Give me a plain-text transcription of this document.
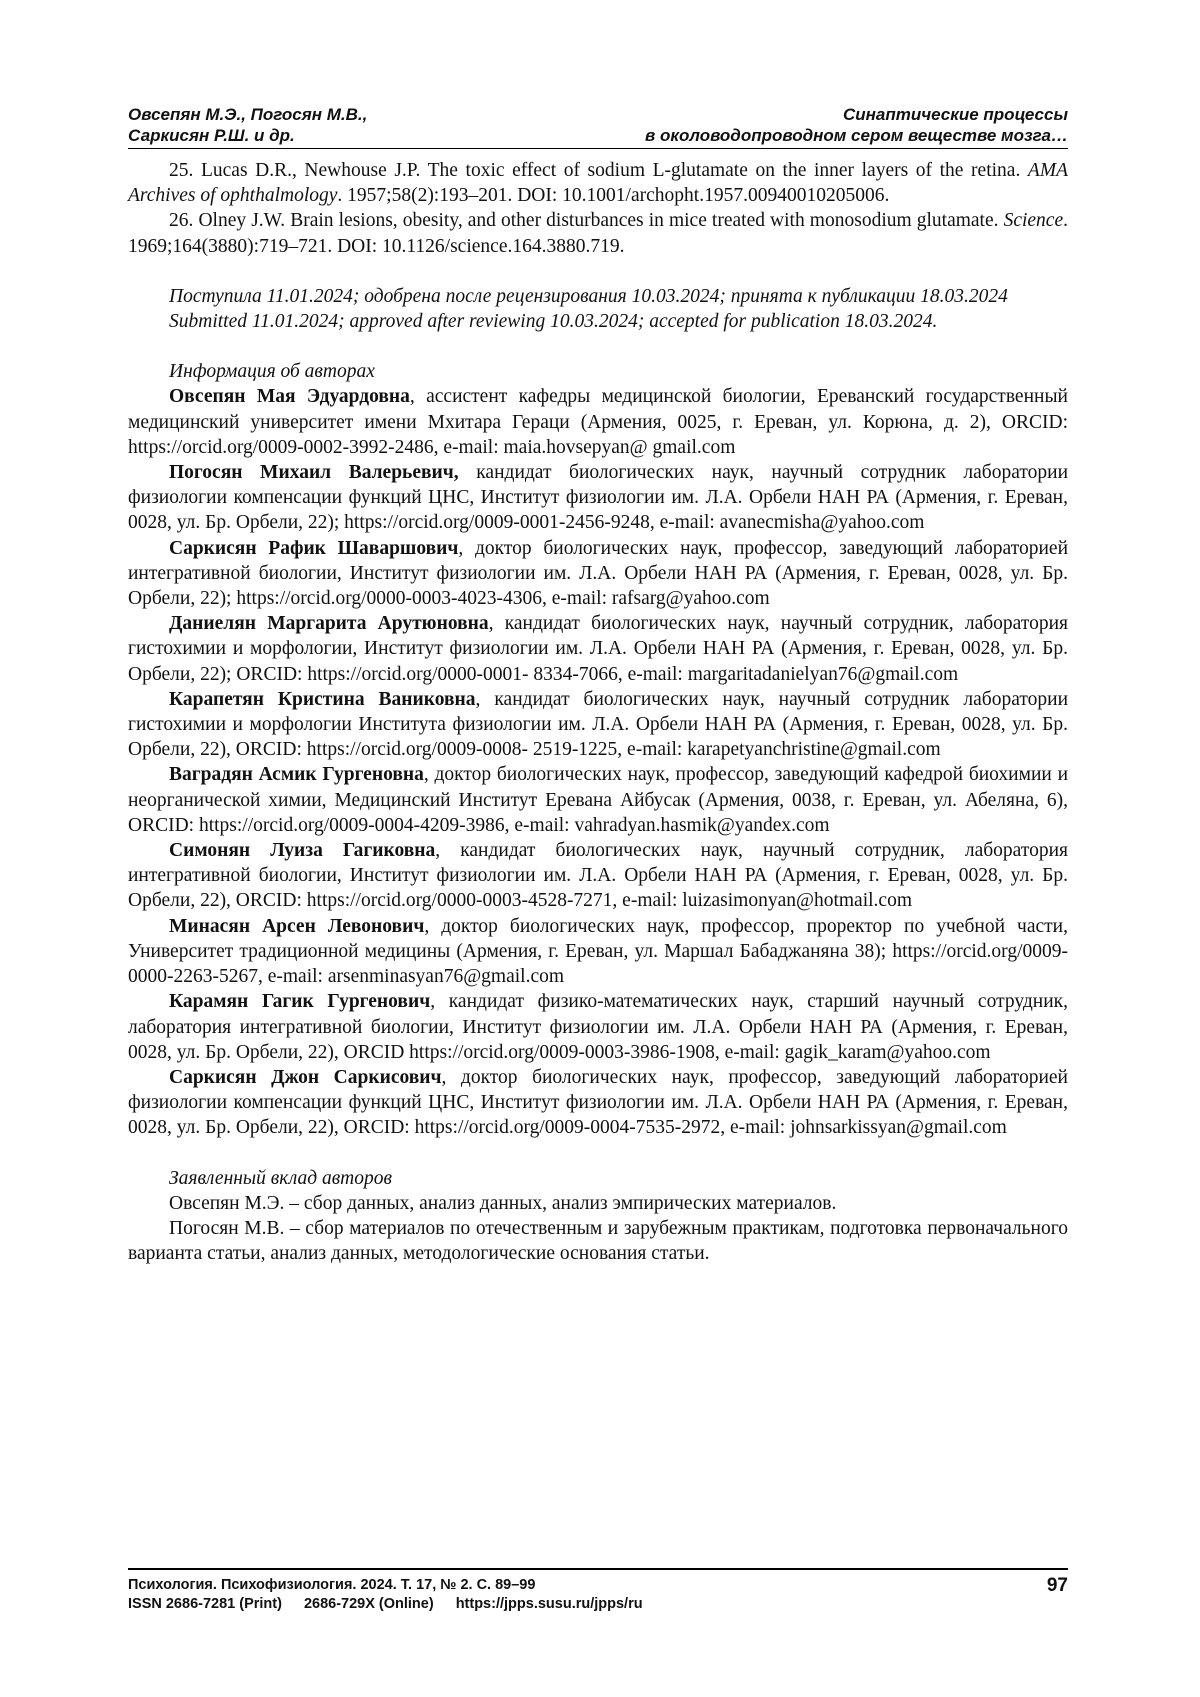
Овсепян М.Э., Погосян М.В.,
Саркисян Р.Ш. и др.
Синаптические процессы
в околоводопроводном сером веществе мозга…

25. Lucas D.R., Newhouse J.P. The toxic effect of sodium L-glutamate on the inner layers of the retina. AMA Archives of ophthalmology. 1957;58(2):193–201. DOI: 10.1001/archopht.1957.00940010205006.

26. Olney J.W. Brain lesions, obesity, and other disturbances in mice treated with monosodium glutamate. Science. 1969;164(3880):719–721. DOI: 10.1126/science.164.3880.719.

Поступила 11.01.2024; одобрена после рецензирования 10.03.2024; принята к публикации 18.03.2024

Submitted 11.01.2024; approved after reviewing 10.03.2024; accepted for publication 18.03.2024.

Информация об авторах

Овсепян Мая Эдуардовна, ассистент кафедры медицинской биологии, Ереванский государственный медицинский университет имени Мхитара Гераци (Армения, 0025, г. Ереван, ул. Корюна, д. 2), ORCID: https://orcid.org/0009-0002-3992-2486, e-mail: maia.hovsepyan@ gmail.com

Погосян Михаил Валерьевич, кандидат биологических наук, научный сотрудник лаборатории физиологии компенсации функций ЦНС, Институт физиологии им. Л.А. Орбели НАН РА (Армения, г. Ереван, 0028, ул. Бр. Орбели, 22); https://orcid.org/0009-0001-2456-9248, e-mail: avanecmisha@yahoo.com

Саркисян Рафик Шаваршович, доктор биологических наук, профессор, заведующий лабораторией интегративной биологии, Институт физиологии им. Л.А. Орбели НАН РА (Армения, г. Ереван, 0028, ул. Бр. Орбели, 22); https://orcid.org/0000-0003-4023-4306, e-mail: rafsarg@yahoo.com

Даниелян Маргарита Арутюновна, кандидат биологических наук, научный сотрудник, лаборатория гистохимии и морфологии, Институт физиологии им. Л.А. Орбели НАН РА (Армения, г. Ереван, 0028, ул. Бр. Орбели, 22); ORCID: https://orcid.org/0000-0001- 8334-7066, e-mail: margaritadanielyan76@gmail.com

Карапетян Кристина Ваниковна, кандидат биологических наук, научный сотрудник лаборатории гистохимии и морфологии Института физиологии им. Л.А. Орбели НАН РА (Армения, г. Ереван, 0028, ул. Бр. Орбели, 22), ORCID: https://orcid.org/0009-0008- 2519-1225, e-mail: karapetyanchristine@gmail.com

Ваградян Асмик Гургеновна, доктор биологических наук, профессор, заведующий кафедрой биохимии и неорганической химии, Медицинский Институт Еревана Айбусак (Армения, 0038, г. Ереван, ул. Абеляна, 6), ORCID: https://orcid.org/0009-0004-4209-3986, e-mail: vahradyan.hasmik@yandex.com

Симонян Луиза Гагиковна, кандидат биологических наук, научный сотрудник, лаборатория интегративной биологии, Институт физиологии им. Л.А. Орбели НАН РА (Армения, г. Ереван, 0028, ул. Бр. Орбели, 22), ORCID: https://orcid.org/0000-0003-4528-7271, e-mail: luizasimonyan@hotmail.com

Минасян Арсен Левонович, доктор биологических наук, профессор, проректор по учебной части, Университет традиционной медицины (Армения, г. Ереван, ул. Маршал Бабаджаняна 38); https://orcid.org/0009-0000-2263-5267, e-mail: arsenminasyan76@gmail.com

Карамян Гагик Гургенович, кандидат физико-математических наук, старший научный сотрудник, лаборатория интегративной биологии, Институт физиологии им. Л.А. Орбели НАН РА (Армения, г. Ереван, 0028, ул. Бр. Орбели, 22), ORCID https://orcid.org/0009-0003-3986-1908, e-mail: gagik_karam@yahoo.com

Саркисян Джон Саркисович, доктор биологических наук, профессор, заведующий лабораторией физиологии компенсации функций ЦНС, Институт физиологии им. Л.А. Орбели НАН РА (Армения, г. Ереван, 0028, ул. Бр. Орбели, 22), ORCID: https://orcid.org/0009-0004-7535-2972, e-mail: johnsarkissyan@gmail.com

Заявленный вклад авторов

Овсепян М.Э. – сбор данных, анализ данных, анализ эмпирических материалов.

Погосян М.В. – сбор материалов по отечественным и зарубежным практикам, подготовка первоначального варианта статьи, анализ данных, методологические основания статьи.

Психология. Психофизиология. 2024. Т. 17, № 2. С. 89–99
ISSN 2686-7281 (Print) 2686-729X (Online) https://jpps.susu.ru/jpps/ru
97
